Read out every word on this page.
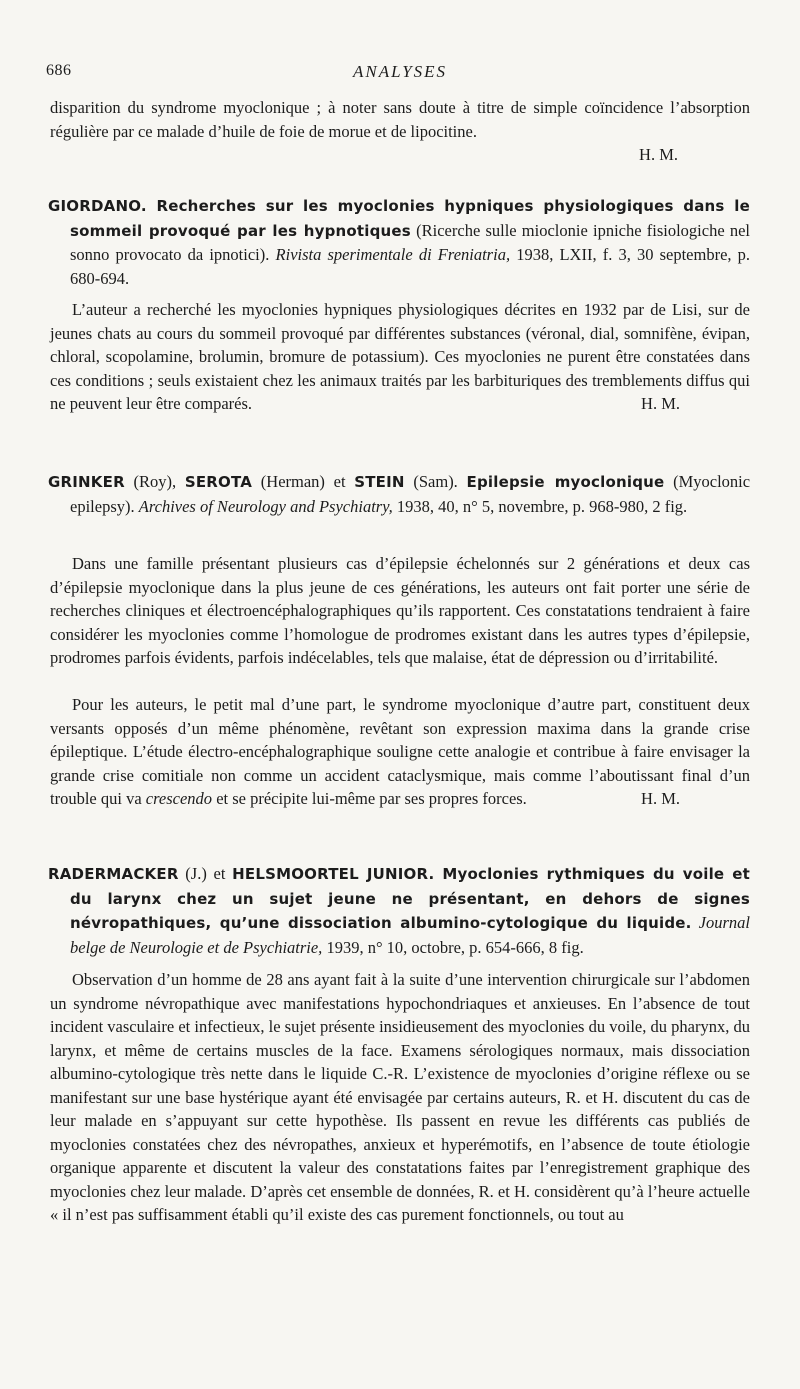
686	ANALYSES

disparition du syndrome myoclonique ; à noter sans doute à titre de simple coïncidence l’absorption régulière par ce malade d’huile de foie de morue et de lipocitine.
H. M.

GIORDANO. Recherches sur les myoclonies hypniques physiologiques dans le sommeil provoqué par les hypnotiques (Ricerche sulle mioclonie ipniche fisiologiche nel sonno provocato da ipnotici). Rivista sperimentale di Freniatria, 1938, LXII, f. 3, 30 septembre, p. 680-694.

L’auteur a recherché les myoclonies hypniques physiologiques décrites en 1932 par de Lisi, sur de jeunes chats au cours du sommeil provoqué par différentes substances (véronal, dial, somnifène, évipan, chloral, scopolamine, brolumin, bromure de potassium). Ces myoclonies ne purent être constatées dans ces conditions ; seuls existaient chez les animaux traités par les barbituriques des tremblements diffus qui ne peuvent leur être comparés.	H. M.

GRINKER (Roy), SEROTA (Herman) et STEIN (Sam). Epilepsie myoclonique (Myoclonic epilepsy). Archives of Neurology and Psychiatry, 1938, 40, n° 5, novembre, p. 968-980, 2 fig.

Dans une famille présentant plusieurs cas d’épilepsie échelonnés sur 2 générations et deux cas d’épilepsie myoclonique dans la plus jeune de ces générations, les auteurs ont fait porter une série de recherches cliniques et électroencéphalographiques qu’ils rapportent. Ces constatations tendraient à faire considérer les myoclonies comme l’homologue de prodromes existant dans les autres types d’épilepsie, prodromes parfois évidents, parfois indécelables, tels que malaise, état de dépression ou d’irritabilité.

Pour les auteurs, le petit mal d’une part, le syndrome myoclonique d’autre part, constituent deux versants opposés d’un même phénomène, revêtant son expression maxima dans la grande crise épileptique. L’étude électro-encéphalographique souligne cette analogie et contribue à faire envisager la grande crise comitiale non comme un accident cataclysmique, mais comme l’aboutissant final d’un trouble qui va crescendo et se précipite lui-même par ses propres forces.	H. M.

RADERMACKER (J.) et HELSMOORTEL JUNIOR. Myoclonies rythmiques du voile et du larynx chez un sujet jeune ne présentant, en dehors de signes névropathiques, qu’une dissociation albumino-cytologique du liquide. Journal belge de Neurologie et de Psychiatrie, 1939, n° 10, octobre, p. 654-666, 8 fig.

Observation d’un homme de 28 ans ayant fait à la suite d’une intervention chirurgicale sur l’abdomen un syndrome névropathique avec manifestations hypochondriaques et anxieuses. En l’absence de tout incident vasculaire et infectieux, le sujet présente insidieusement des myoclonies du voile, du pharynx, du larynx, et même de certains muscles de la face. Examens sérologiques normaux, mais dissociation albumino-cytologique très nette dans le liquide C.-R. L’existence de myoclonies d’origine réflexe ou se manifestant sur une base hystérique ayant été envisagée par certains auteurs, R. et H. discutent du cas de leur malade en s’appuyant sur cette hypothèse. Ils passent en revue les différents cas publiés de myoclonies constatées chez des névropathes, anxieux et hyperémotifs, en l’absence de toute étiologie organique apparente et discutent la valeur des constatations faites par l’enregistrement graphique des myoclonies chez leur malade. D’après cet ensemble de données, R. et H. considèrent qu’à l’heure actuelle « il n’est pas suffisamment établi qu’il existe des cas purement fonctionnels, ou tout au
